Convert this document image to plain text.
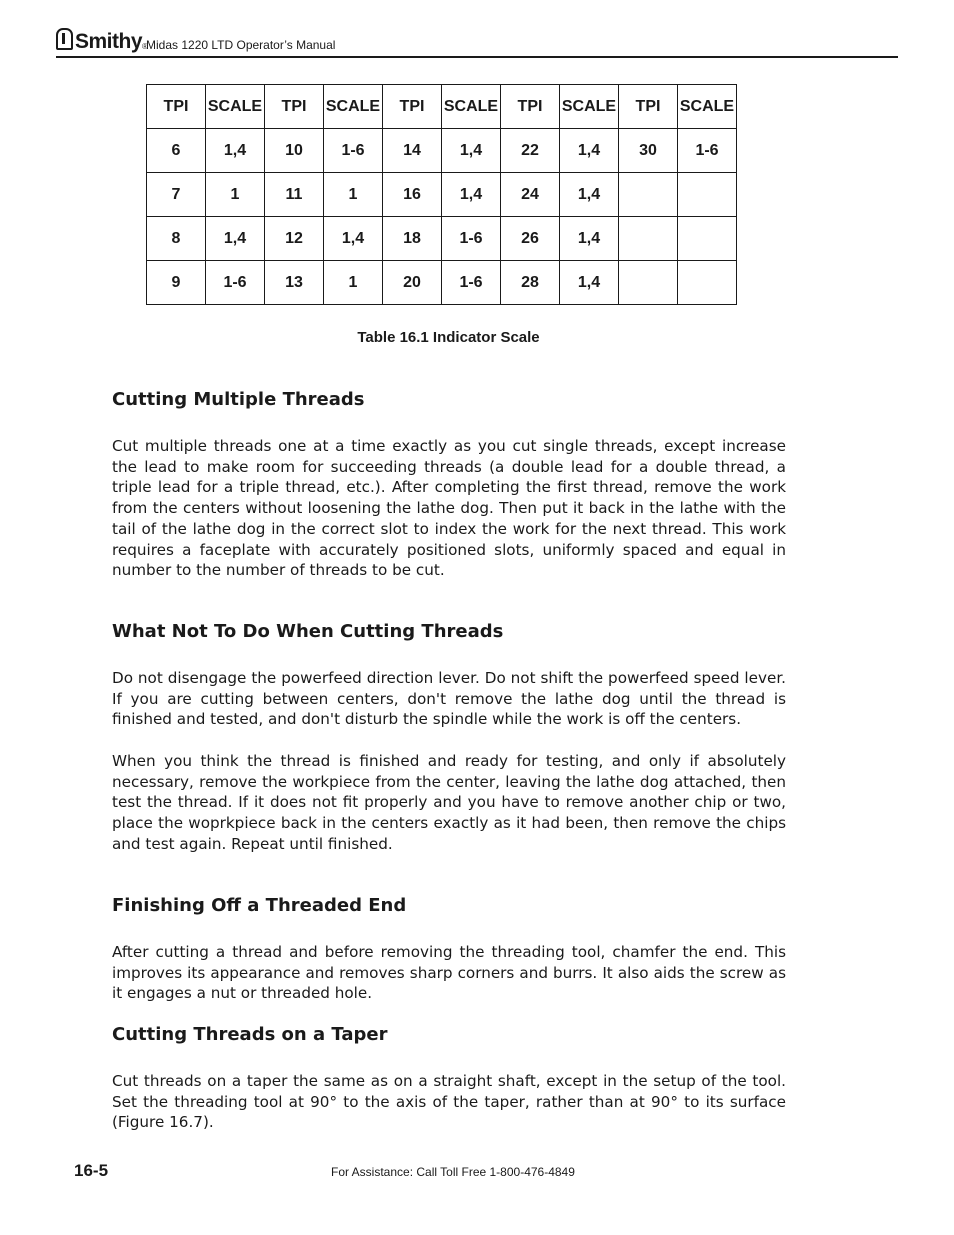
Smithy®
Midas 1220 LTD Operator’s Manual
TPI	SCALE	TPI	SCALE	TPI	SCALE	TPI	SCALE	TPI	SCALE
6	1,4	10	1-6	14	1,4	22	1,4	30	1-6
7	1	11	1	16	1,4	24	1,4		
8	1,4	12	1,4	18	1-6	26	1,4		
9	1-6	13	1	20	1-6	28	1,4		
Table 16.1 Indicator Scale
Cutting Multiple Threads

Cut multiple threads one at a time exactly as you cut single threads, except increase the lead to make room for succeeding threads (a double lead for a double thread, a triple lead for a triple thread, etc.). After completing the first thread, remove the work from the centers without loosening the lathe dog. Then put it back in the lathe with the tail of the lathe dog in the correct slot to index the work for the next thread. This work requires a faceplate with accurately positioned slots, uniformly spaced and equal in number to the number of threads to be cut.

What Not To Do When Cutting Threads

Do not disengage the powerfeed direction lever. Do not shift the powerfeed speed lever. If you are cutting between centers, don't remove the lathe dog until the thread is finished and tested, and don't disturb the spindle while the work is off the centers.

When you think the thread is finished and ready for testing, and only if absolutely necessary, remove the workpiece from the center, leaving the lathe dog attached, then test the thread. If it does not fit properly and you have to remove another chip or two, place the woprkpiece back in the centers exactly as it had been, then remove the chips and test again. Repeat until finished.

Finishing Off a Threaded End

After cutting a thread and before removing the threading tool, chamfer the end. This improves its appearance and removes sharp corners and burrs. It also aids the screw as it engages a nut or threaded hole.

Cutting Threads on a Taper

Cut threads on a taper the same as on a straight shaft, except in the setup of the tool. Set the threading tool at 90° to the axis of the taper, rather than at 90° to its surface (Figure 16.7).

16-5	For Assistance: Call Toll Free 1-800-476-4849
